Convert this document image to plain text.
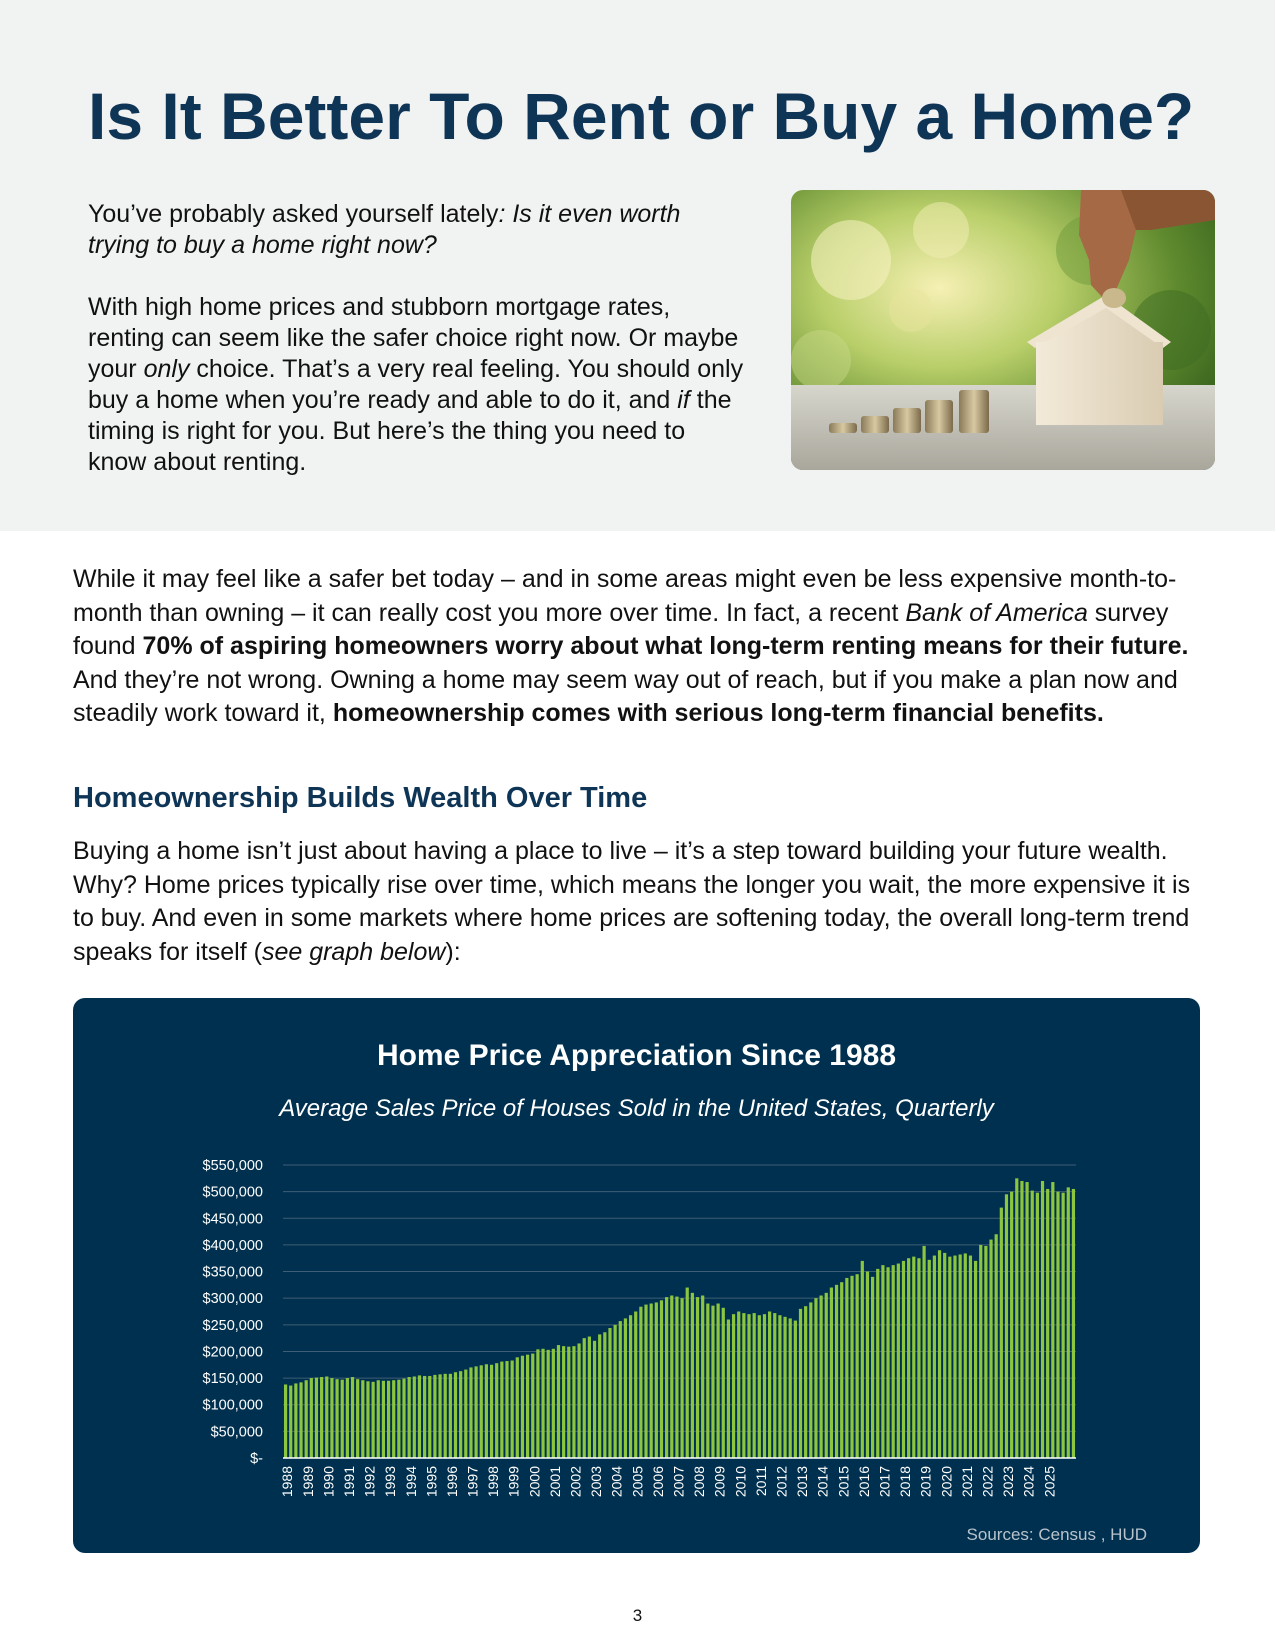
Is It Better To Rent or Buy a Home?

You’ve probably asked yourself lately: Is it even worth trying to buy a home right now?

With high home prices and stubborn mortgage rates, renting can seem like the safer choice right now. Or maybe your only choice. That’s a very real feeling. You should only buy a home when you’re ready and able to do it, and if the timing is right for you. But here’s the thing you need to know about renting.

While it may feel like a safer bet today – and in some areas might even be less expensive month-to-month than owning – it can really cost you more over time. In fact, a recent Bank of America survey found 70% of aspiring homeowners worry about what long-term renting means for their future. And they’re not wrong. Owning a home may seem way out of reach, but if you make a plan now and steadily work toward it, homeownership comes with serious long-term financial benefits.

Homeownership Builds Wealth Over Time

Buying a home isn’t just about having a place to live – it’s a step toward building your future wealth. Why? Home prices typically rise over time, which means the longer you wait, the more expensive it is to buy. And even in some markets where home prices are softening today, the overall long-term trend speaks for itself (see graph below):

Home Price Appreciation Since 1988
Average Sales Price of Houses Sold in the United States, Quarterly
$550,000
$500,000
$450,000
$400,000
$350,000
$300,000
$250,000
$200,000
$150,000
$100,000
$50,000
$-
1988 1989 1990 1991 1992 1993 1994 1995 1996 1997 1998 1999 2000 2001 2002 2003 2004 2005 2006 2007 2008 2009 2010 2011 2012 2013 2014 2015 2016 2017 2018 2019 2020 2021 2022 2023 2024 2025
Sources: Census , HUD
3
